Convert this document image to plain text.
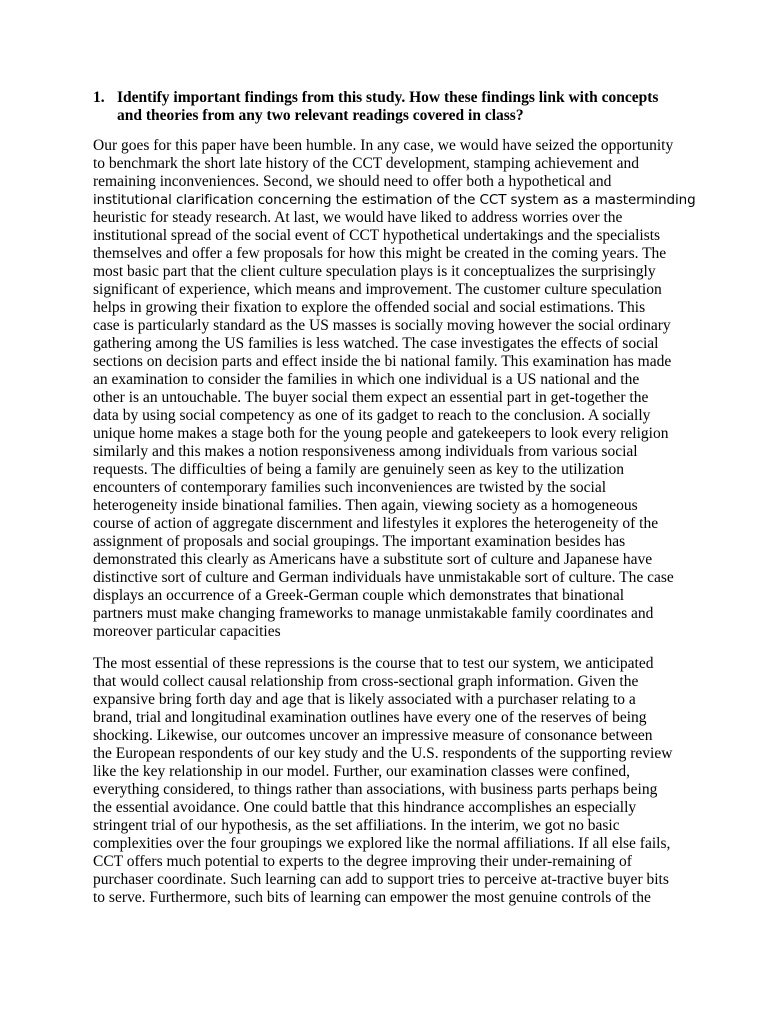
1. Identify important findings from this study. How these findings link with concepts and theories from any two relevant readings covered in class?
Our goes for this paper have been humble. In any case, we would have seized the opportunity
to benchmark the short late history of the CCT development, stamping achievement and
remaining inconveniences. Second, we should need to offer both a hypothetical and
institutional clarification concerning the estimation of the CCT system as a masterminding
heuristic for steady research. At last, we would have liked to address worries over the
institutional spread of the social event of CCT hypothetical undertakings and the specialists
themselves and offer a few proposals for how this might be created in the coming years. The
most basic part that the client culture speculation plays is it conceptualizes the surprisingly
significant of experience, which means and improvement. The customer culture speculation
helps in growing their fixation to explore the offended social and social estimations. This
case is particularly standard as the US masses is socially moving however the social ordinary
gathering among the US families is less watched. The case investigates the effects of social
sections on decision parts and effect inside the bi national family. This examination has made
an examination to consider the families in which one individual is a US national and the
other is an untouchable. The buyer social them expect an essential part in get-together the
data by using social competency as one of its gadget to reach to the conclusion. A socially
unique home makes a stage both for the young people and gatekeepers to look every religion
similarly and this makes a notion responsiveness among individuals from various social
requests. The difficulties of being a family are genuinely seen as key to the utilization
encounters of contemporary families such inconveniences are twisted by the social
heterogeneity inside binational families. Then again, viewing society as a homogeneous
course of action of aggregate discernment and lifestyles it explores the heterogeneity of the
assignment of proposals and social groupings. The important examination besides has
demonstrated this clearly as Americans have a substitute sort of culture and Japanese have
distinctive sort of culture and German individuals have unmistakable sort of culture. The case
displays an occurrence of a Greek-German couple which demonstrates that binational
partners must make changing frameworks to manage unmistakable family coordinates and
moreover particular capacities
The most essential of these repressions is the course that to test our system, we anticipated
that would collect causal relationship from cross-sectional graph information. Given the
expansive bring forth day and age that is likely associated with a purchaser relating to a
brand, trial and longitudinal examination outlines have every one of the reserves of being
shocking. Likewise, our outcomes uncover an impressive measure of consonance between
the European respondents of our key study and the U.S. respondents of the supporting review
like the key relationship in our model. Further, our examination classes were confined,
everything considered, to things rather than associations, with business parts perhaps being
the essential avoidance. One could battle that this hindrance accomplishes an especially
stringent trial of our hypothesis, as the set affiliations. In the interim, we got no basic
complexities over the four groupings we explored like the normal affiliations. If all else fails,
CCT offers much potential to experts to the degree improving their under-remaining of
purchaser coordinate. Such learning can add to support tries to perceive at-tractive buyer bits
to serve. Furthermore, such bits of learning can empower the most genuine controls of the
